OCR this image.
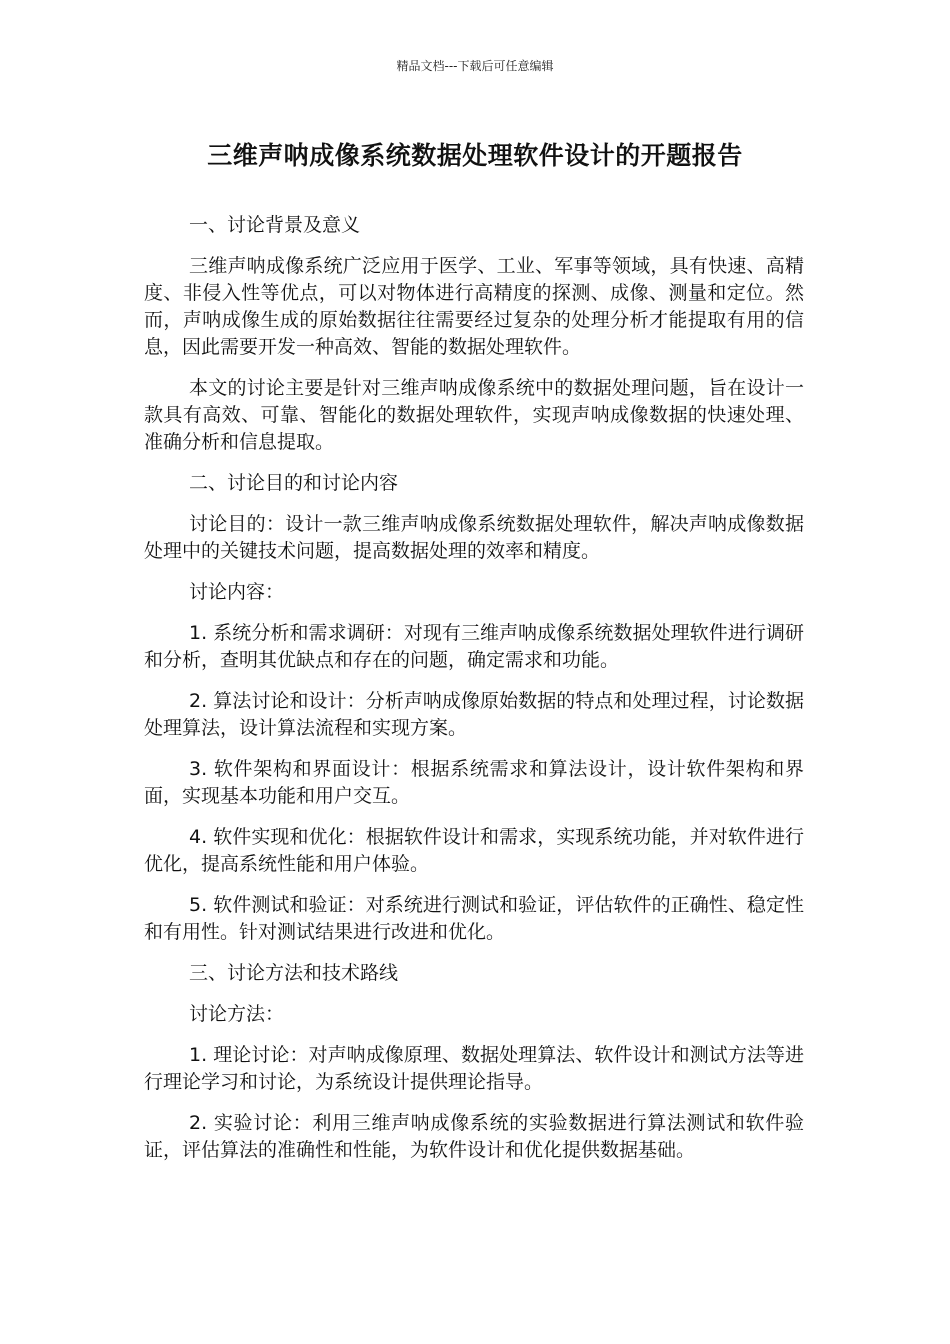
精品文档---下载后可任意编辑
三维声呐成像系统数据处理软件设计的开题报告

一、讨论背景及意义

三维声呐成像系统广泛应用于医学、工业、军事等领域，具有快速、高精度、非侵入性等优点，可以对物体进行高精度的探测、成像、测量和定位。然而，声呐成像生成的原始数据往往需要经过复杂的处理分析才能提取有用的信息，因此需要开发一种高效、智能的数据处理软件。

本文的讨论主要是针对三维声呐成像系统中的数据处理问题，旨在设计一款具有高效、可靠、智能化的数据处理软件，实现声呐成像数据的快速处理、准确分析和信息提取。

二、讨论目的和讨论内容

讨论目的：设计一款三维声呐成像系统数据处理软件，解决声呐成像数据处理中的关键技术问题，提高数据处理的效率和精度。

讨论内容：

1. 系统分析和需求调研：对现有三维声呐成像系统数据处理软件进行调研和分析，查明其优缺点和存在的问题，确定需求和功能。

2. 算法讨论和设计：分析声呐成像原始数据的特点和处理过程，讨论数据处理算法，设计算法流程和实现方案。

3. 软件架构和界面设计：根据系统需求和算法设计，设计软件架构和界面，实现基本功能和用户交互。

4. 软件实现和优化：根据软件设计和需求，实现系统功能，并对软件进行优化，提高系统性能和用户体验。

5. 软件测试和验证：对系统进行测试和验证，评估软件的正确性、稳定性和有用性。针对测试结果进行改进和优化。

三、讨论方法和技术路线

讨论方法：

1. 理论讨论：对声呐成像原理、数据处理算法、软件设计和测试方法等进行理论学习和讨论，为系统设计提供理论指导。

2. 实验讨论：利用三维声呐成像系统的实验数据进行算法测试和软件验证，评估算法的准确性和性能，为软件设计和优化提供数据基础。
